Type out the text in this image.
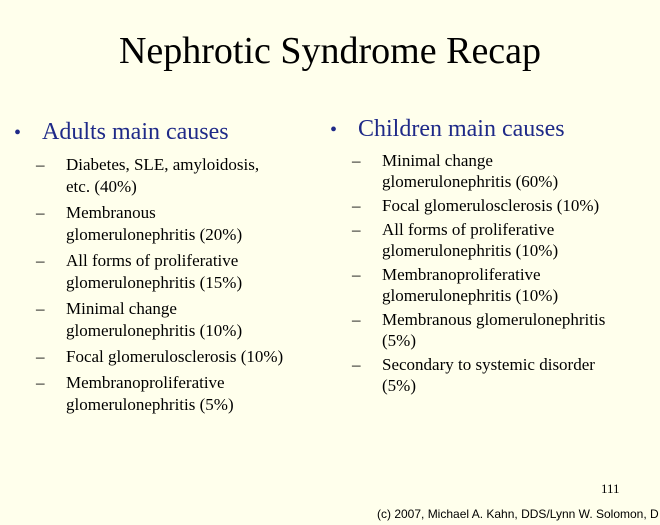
Nephrotic Syndrome Recap
• Adults main causes
–	Diabetes, SLE, amyloidosis,
etc. (40%)
–	Membranous
glomerulonephritis (20%)
–	All forms of proliferative
glomerulonephritis (15%)
–	Minimal change
glomerulonephritis (10%)
–	Focal glomerulosclerosis (10%)
–	Membranoproliferative
glomerulonephritis (5%)
• Children main causes
–	Minimal change
glomerulonephritis (60%)
–	Focal glomerulosclerosis (10%)
–	All forms of proliferative
glomerulonephritis (10%)
–	Membranoproliferative
glomerulonephritis (10%)
–	Membranous glomerulonephritis
(5%)
–	Secondary to systemic disorder
(5%)
111
(c) 2007, Michael A. Kahn, DDS/Lynn W. Solomon, D
